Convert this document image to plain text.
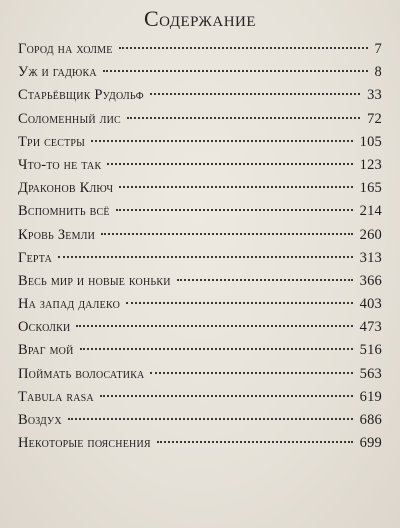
Содержание
Город на холме	7
Уж и гадюка	8
Старьёвщик Рудольф	33
Соломенный лис	72
Три сестры	105
Что-то не так	123
Драконов Ключ	165
Вспомнить всё	214
Кровь Земли	260
Герта	313
Весь мир и новые коньки	366
На запад далеко	403
Осколки	473
Враг мой	516
Поймать волосатика	563
Tabula rasa	619
Воздух	686
Некоторые пояснения	699
